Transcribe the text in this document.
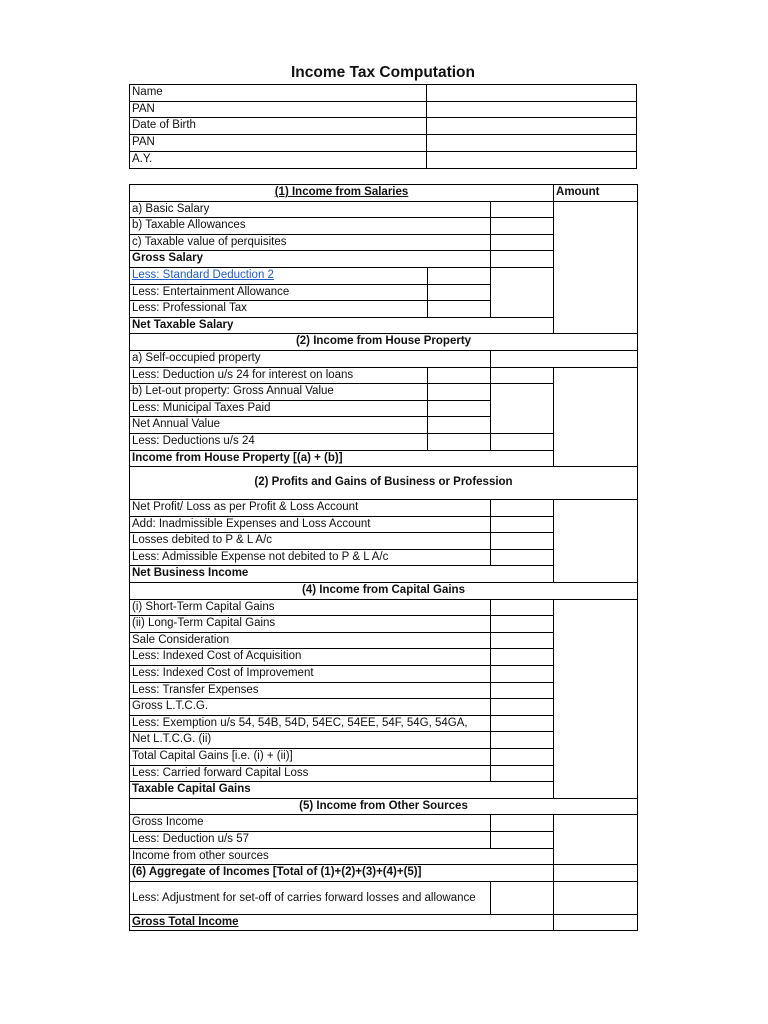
Income Tax Computation
Name	
PAN	
Date of Birth	
PAN	
A.Y.	
(1) Income from Salaries			Amount
a) Basic Salary			
b) Taxable Allowances			
c) Taxable value of perquisites			
Gross Salary			
Less: Standard Deduction 2			
Less: Entertainment Allowance			
Less: Professional Tax			
Net Taxable Salary			
(2) Income from House Property			
a) Self-occupied property			
Less: Deduction u/s 24 for interest on loans			
b) Let-out property: Gross Annual Value			
Less: Municipal Taxes Paid			
Net Annual Value			
Less: Deductions u/s 24			
Income from House Property [(a) + (b)]			
(2) Profits and Gains of Business or Profession			
Net Profit/ Loss as per Profit & Loss Account			
Add: Inadmissible Expenses and Loss Account			
Losses debited to P & L A/c			
Less: Admissible Expense not debited to P & L A/c			
Net Business Income			
(4) Income from Capital Gains			
(i) Short-Term Capital Gains			
(ii) Long-Term Capital Gains			
Sale Consideration			
Less: Indexed Cost of Acquisition			
Less: Indexed Cost of Improvement			
Less: Transfer Expenses			
Gross L.T.C.G.			
Less: Exemption u/s 54, 54B, 54D, 54EC, 54EE, 54F, 54G, 54GA,			
Net L.T.C.G. (ii)			
Total Capital Gains [i.e. (i) + (ii)]			
Less: Carried forward Capital Loss			
Taxable Capital Gains			
(5) Income from Other Sources			
Gross Income			
Less: Deduction u/s 57			
Income from other sources			
(6) Aggregate of Incomes [Total of (1)+(2)+(3)+(4)+(5)]			
Less: Adjustment for set-off of carries forward losses and allowance			
Gross Total Income			
